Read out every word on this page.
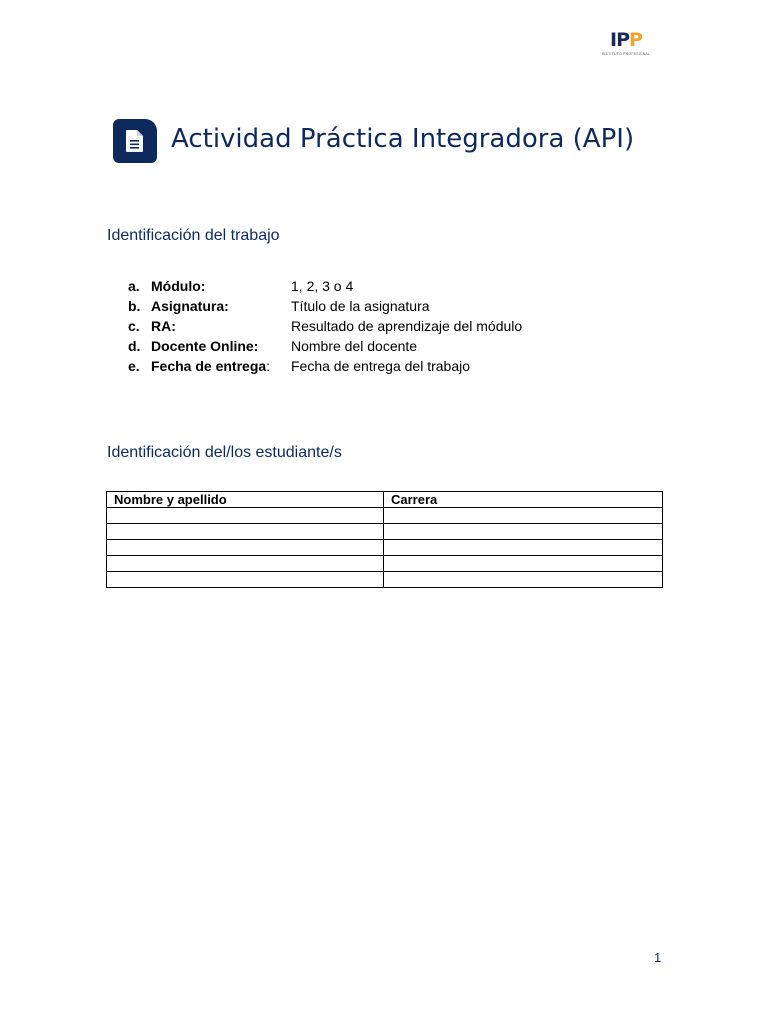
IPP
INSTITUTO PROFESIONAL
Actividad Práctica Integradora (API)
Identificación del trabajo
a. Módulo:	1, 2, 3 o 4
b. Asignatura:	Título de la asignatura
c. RA:	Resultado de aprendizaje del módulo
d. Docente Online: Nombre del docente
e. Fecha de entrega: Fecha de entrega del trabajo
Identificación del/los estudiante/s
Nombre y apellido	Carrera

1
